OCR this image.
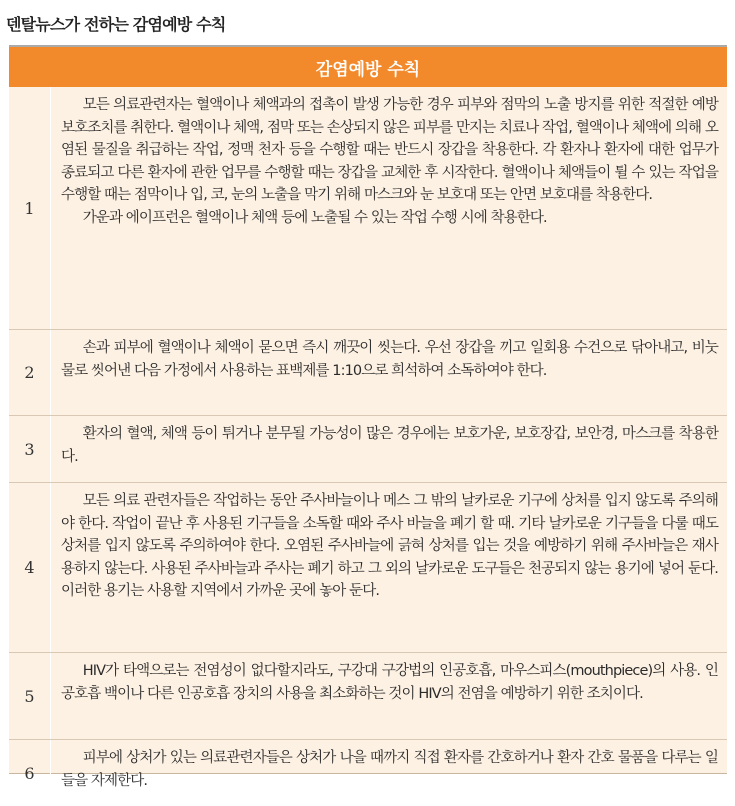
덴탈뉴스가 전하는 감염예방 수칙
감염예방 수칙
1

모든 의료관련자는 혈액이나 체액과의 접촉이 발생 가능한 경우 피부와 점막의 노출 방지를 위한 적절한 예방 보호조치를 취한다. 혈액이나 체액, 점막 또는 손상되지 않은 피부를 만지는 치료나 작업, 혈액이나 체액에 의해 오염된 물질을 취급하는 작업, 정맥 천자 등을 수행할 때는 반드시 장갑을 착용한다. 각 환자나 환자에 대한 업무가 종료되고 다른 환자에 관한 업무를 수행할 때는 장갑을 교체한 후 시작한다. 혈액이나 체액들이 튈 수 있는 작업을 수행할 때는 점막이나 입, 코, 눈의 노출을 막기 위해 마스크와 눈 보호대 또는 안면 보호대를 착용한다.

가운과 에이프런은 혈액이나 체액 등에 노출될 수 있는 작업 수행 시에 착용한다.

2

손과 피부에 혈액이나 체액이 묻으면 즉시 깨끗이 씻는다. 우선 장갑을 끼고 일회용 수건으로 닦아내고, 비눗물로 씻어낸 다음 가정에서 사용하는 표백제를 1:10으로 희석하여 소독하여야 한다.

3

환자의 혈액, 체액 등이 튀거나 분무될 가능성이 많은 경우에는 보호가운, 보호장갑, 보안경, 마스크를 착용한다.

4

모든 의료 관련자들은 작업하는 동안 주사바늘이나 메스 그 밖의 날카로운 기구에 상처를 입지 않도록 주의해야 한다. 작업이 끝난 후 사용된 기구들을 소독할 때와 주사 바늘을 폐기 할 때. 기타 날카로운 기구들을 다룰 때도 상처를 입지 않도록 주의하여야 한다. 오염된 주사바늘에 긁혀 상처를 입는 것을 예방하기 위해 주사바늘은 재사용하지 않는다. 사용된 주사바늘과 주사는 폐기 하고 그 외의 날카로운 도구들은 천공되지 않는 용기에 넣어 둔다. 이러한 용기는 사용할 지역에서 가까운 곳에 놓아 둔다.

5

HIV가 타액으로는 전염성이 없다할지라도, 구강대 구강법의 인공호흡, 마우스피스(mouthpiece)의 사용. 인공호흡 백이나 다른 인공호흡 장치의 사용을 최소화하는 것이 HIV의 전염을 예방하기 위한 조치이다.

6

피부에 상처가 있는 의료관련자들은 상처가 나을 때까지 직접 환자를 간호하거나 환자 간호 물품을 다루는 일들을 자제한다.
